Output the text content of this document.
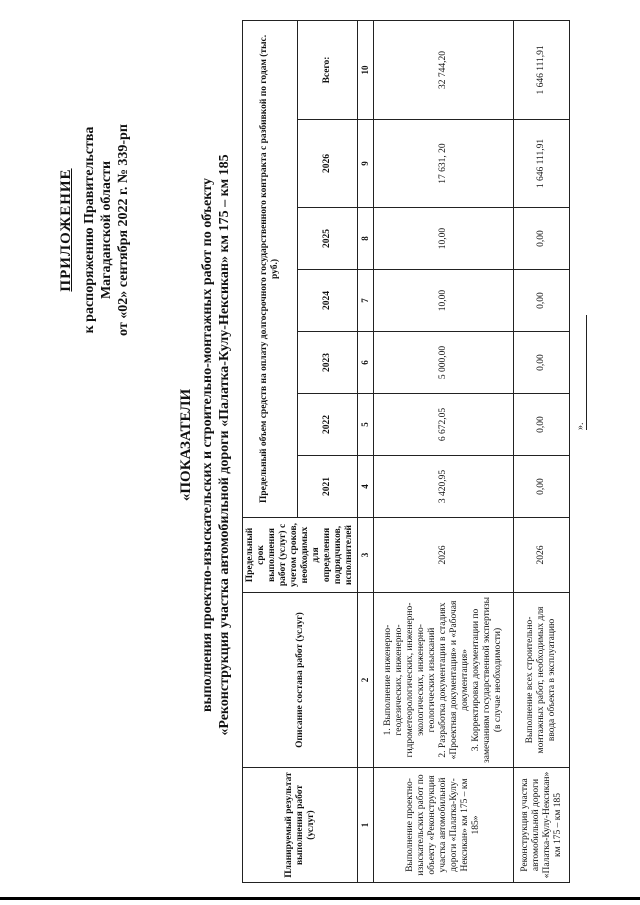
ПРИЛОЖЕНИЕ к распоряжению Правительства Магаданской области от «02» сентября 2022 г. № 339-рп
«ПОКАЗАТЕЛИ выполнения проектно-изыскательских и строительно-монтажных работ по объекту «Реконструкция участка автомобильной дороги «Палатка-Кулу-Нексикан» км 175 – км 185
Планируемый результат выполнения работ (услуг)	Описание состава работ (услуг)	Предельный срок выполнения работ (услуг) с учетом сроков, необходимых для определения подрядчиков, исполнителей	Предельный объем средств на оплату долгосрочного государственного контракта с разбивкой по годам (тыс. руб.)						
			2021	2022	2023	2024	2025	2026	Всего:
1	2	3	4	5	6	7	8	9	10
Выполнение проектно-изыскательских работ по объекту «Реконструкция участка автомобильной дороги «Палатка-Кулу-Нексикан» км 175 – км 185»	1. Выполнение инженерно-геодезических, инженерно-гидрометеорологических, инженерно-экологических, инженерно-геологических изысканий
2. Разработка документации в стадиях «Проектная документация» и «Рабочая документация»
3. Корректировка документации по замечаниям государственной экспертизы (в случае необходимости)	2026	3 420,95	6 672,05	5 000,00	10,00	10,00	17 631, 20	32 744,20
Реконструкция участка автомобильной дороги «Палатка-Кулу-Нексикан» км 175 – км 185	Выполнение всех строительно- монтажных работ, необходимых для ввода объекта в эксплуатацию	2026	0,00	0,00	0,00	0,00	0,00	1 646 111,91	1 646 111,91
».
